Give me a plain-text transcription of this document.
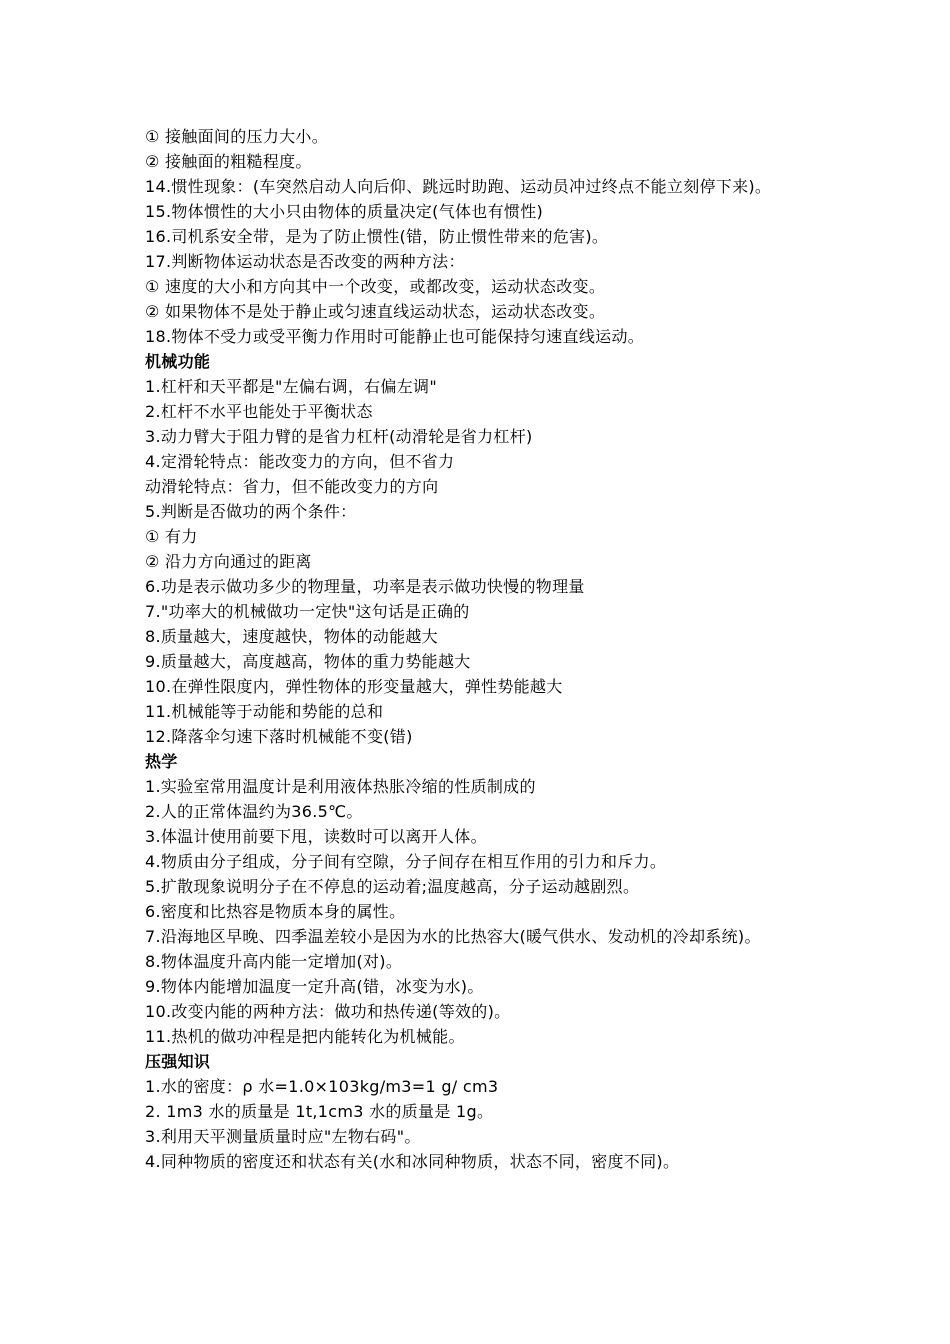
① 接触面间的压力大小。
② 接触面的粗糙程度。
14.惯性现象：(车突然启动人向后仰、跳远时助跑、运动员冲过终点不能立刻停下来)。
15.物体惯性的大小只由物体的质量决定(气体也有惯性)
16.司机系安全带，是为了防止惯性(错，防止惯性带来的危害)。
17.判断物体运动状态是否改变的两种方法：
① 速度的大小和方向其中一个改变，或都改变，运动状态改变。
② 如果物体不是处于静止或匀速直线运动状态，运动状态改变。
18.物体不受力或受平衡力作用时可能静止也可能保持匀速直线运动。
机械功能
1.杠杆和天平都是"左偏右调，右偏左调"
2.杠杆不水平也能处于平衡状态
3.动力臂大于阻力臂的是省力杠杆(动滑轮是省力杠杆)
4.定滑轮特点：能改变力的方向，但不省力
动滑轮特点：省力，但不能改变力的方向
5.判断是否做功的两个条件：
① 有力
② 沿力方向通过的距离
6.功是表示做功多少的物理量，功率是表示做功快慢的物理量
7."功率大的机械做功一定快"这句话是正确的
8.质量越大，速度越快，物体的动能越大
9.质量越大，高度越高，物体的重力势能越大
10.在弹性限度内，弹性物体的形变量越大，弹性势能越大
11.机械能等于动能和势能的总和
12.降落伞匀速下落时机械能不变(错)
热学
1.实验室常用温度计是利用液体热胀冷缩的性质制成的
2.人的正常体温约为36.5℃。
3.体温计使用前要下甩，读数时可以离开人体。
4.物质由分子组成，分子间有空隙，分子间存在相互作用的引力和斥力。
5.扩散现象说明分子在不停息的运动着;温度越高，分子运动越剧烈。
6.密度和比热容是物质本身的属性。
7.沿海地区早晚、四季温差较小是因为水的比热容大(暖气供水、发动机的冷却系统)。
8.物体温度升高内能一定增加(对)。
9.物体内能增加温度一定升高(错，冰变为水)。
10.改变内能的两种方法：做功和热传递(等效的)。
11.热机的做功冲程是把内能转化为机械能。
压强知识
1.水的密度：ρ 水=1.0×103kg/m3=1 g/ cm3
2. 1m3 水的质量是 1t,1cm3 水的质量是 1g。
3.利用天平测量质量时应"左物右码"。
4.同种物质的密度还和状态有关(水和冰同种物质，状态不同，密度不同)。
